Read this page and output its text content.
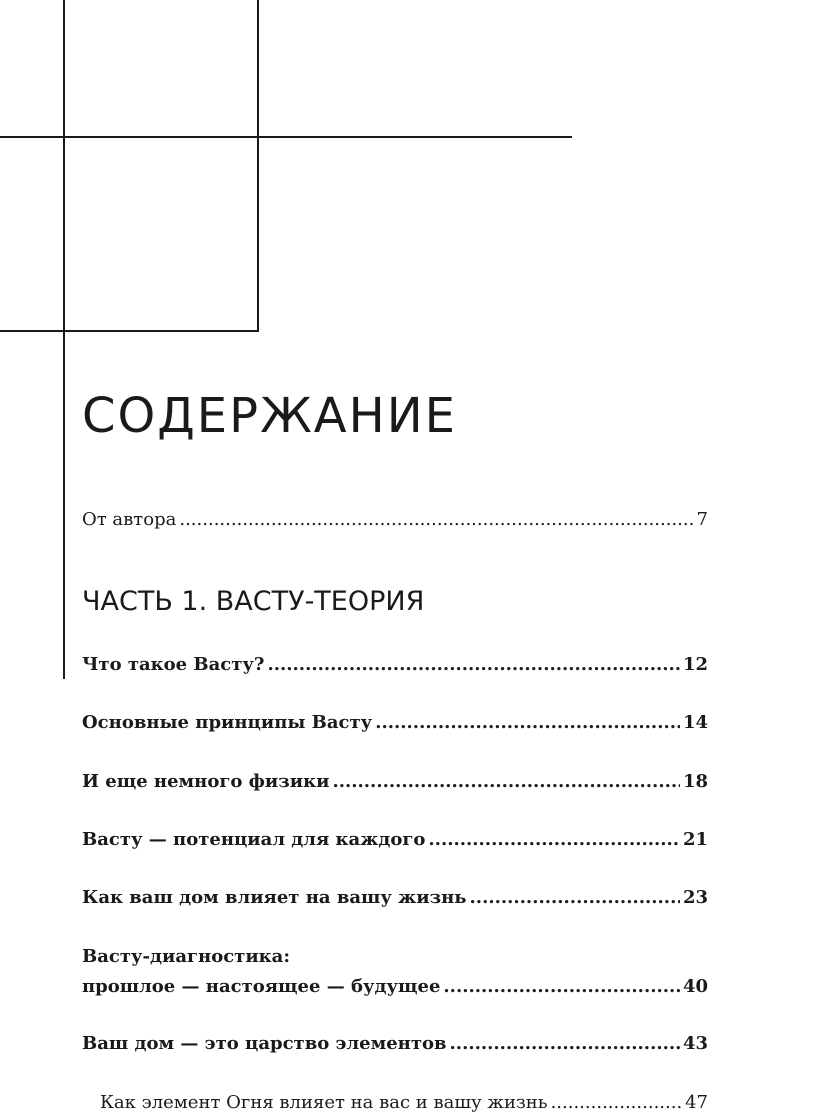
СОДЕРЖАНИЕ
От автора .....	7
ЧАСТЬ 1. ВАСТУ-ТЕОРИЯ
Что такое Васту? .....	12
Основные принципы Васту .....	14
И еще немного физики .....	18
Васту — потенциал для каждого .....	21
Как ваш дом влияет на вашу жизнь .....	23
Васту-диагностика:
прошлое — настоящее — будущее .....	40
Ваш дом — это царство элементов .....	43
Как элемент Огня влияет на вас и вашу жизнь .....	47
